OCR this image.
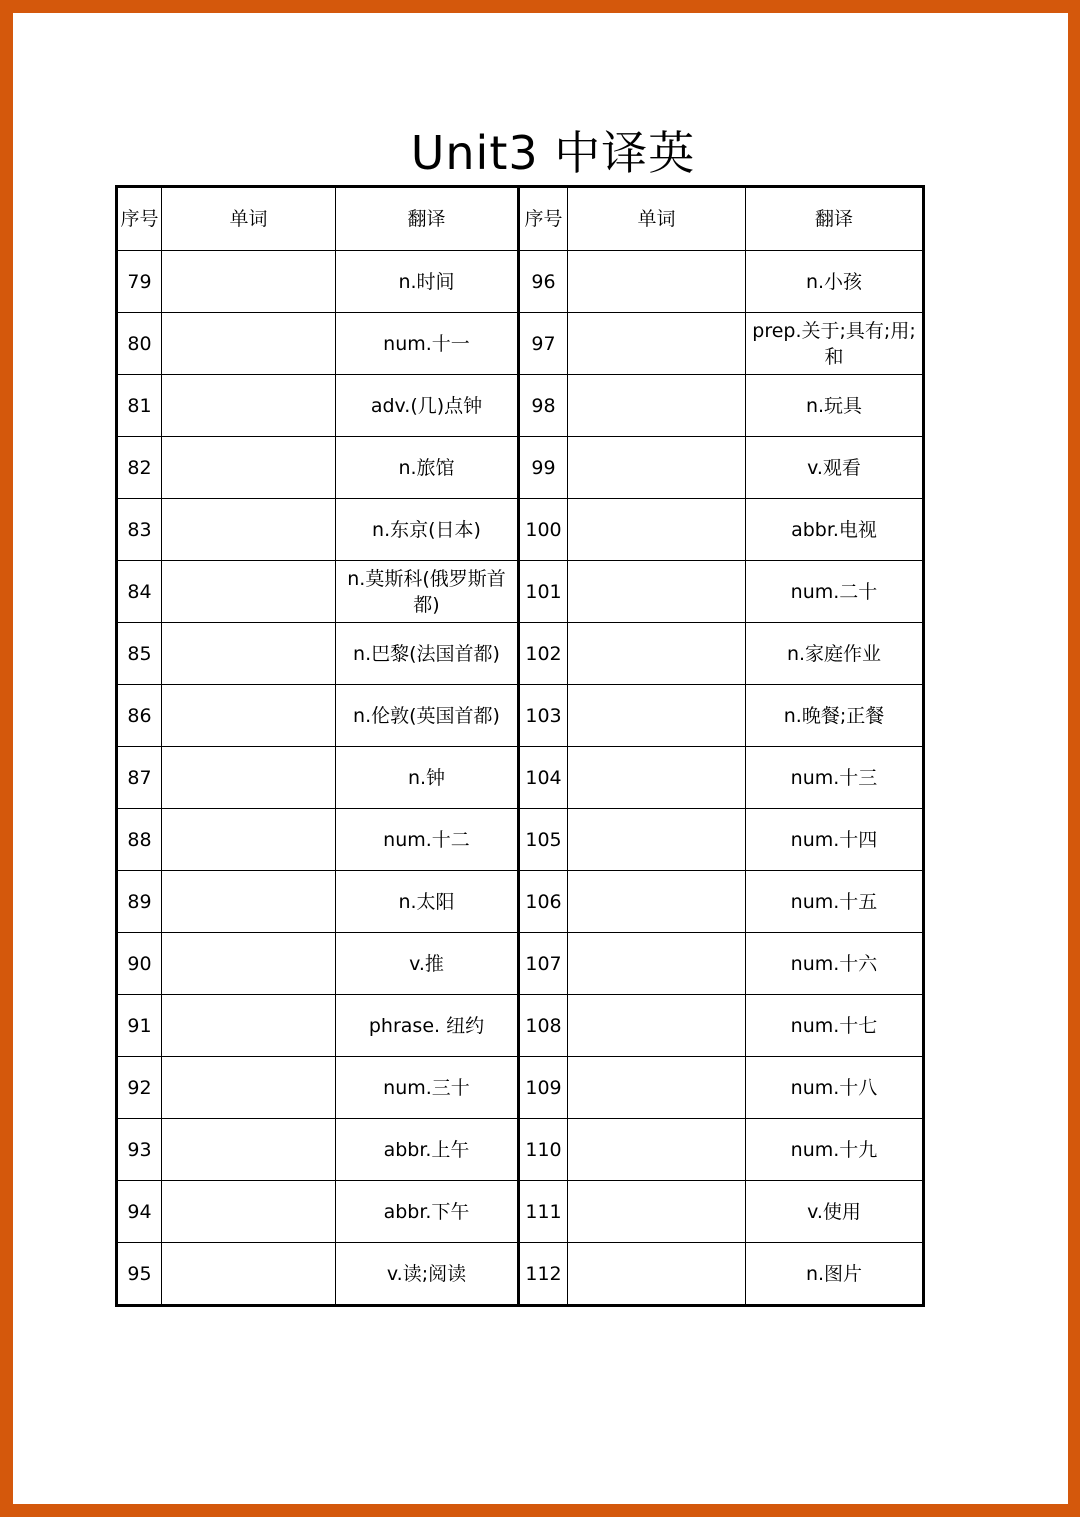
Unit3 中译英
序号	单词	翻译	序号	单词	翻译
79		n.时间	96		n.小孩
80		num.十一	97		prep.关于;具有;用;和
81		adv.(几)点钟	98		n.玩具
82		n.旅馆	99		v.观看
83		n.东京(日本)	100		abbr.电视
84		n.莫斯科(俄罗斯首都)	101		num.二十
85		n.巴黎(法国首都)	102		n.家庭作业
86		n.伦敦(英国首都)	103		n.晚餐;正餐
87		n.钟	104		num.十三
88		num.十二	105		num.十四
89		n.太阳	106		num.十五
90		v.推	107		num.十六
91		phrase. 纽约	108		num.十七
92		num.三十	109		num.十八
93		abbr.上午	110		num.十九
94		abbr.下午	111		v.使用
95		v.读;阅读	112		n.图片
